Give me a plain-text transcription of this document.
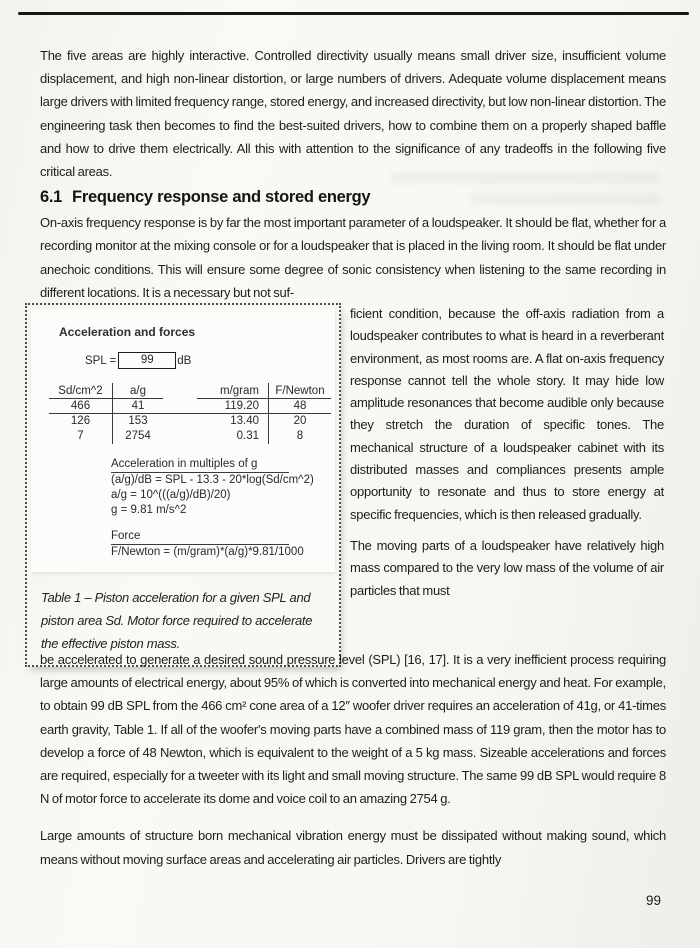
The five areas are highly interactive. Controlled directivity usually means small driver size, insufficient volume displacement, and high non-linear distortion, or large numbers of drivers. Adequate volume displacement means large drivers with limited frequency range, stored energy, and increased directivity, but low non-linear distortion. The engineering task then becomes to find the best-suited drivers, how to combine them on a properly shaped baffle and how to drive them electrically. All this with attention to the significance of any tradeoffs in the following five critical areas.

6.1 Frequency response and stored energy

On-axis frequency response is by far the most important parameter of a loudspeaker. It should be flat, whether for a recording monitor at the mixing console or for a loudspeaker that is placed in the living room. It should be flat under anechoic conditions. This will ensure some degree of sonic consistency when listening to the same recording in different locations. It is a necessary but not suf-

Acceleration and forces
SPL =	99	dB
Sd/cm^2	a/g	m/gram	F/Newton
466	41	119.20	48
126	153	13.40	20
7	2754	0.31	8
Acceleration in multiples of g
(a/g)/dB = SPL - 13.3 - 20*log(Sd/cm^2)
a/g = 10^(((a/g)/dB)/20)
g = 9.81 m/s^2
Force
F/Newton = (m/gram)*(a/g)*9.81/1000
Table 1 – Piston acceleration for a given SPL and piston area Sd. Motor force required to accelerate the effective piston mass.

ficient condition, because the off-axis radiation from a loudspeaker contributes to what is heard in a reverberant environment, as most rooms are. A flat on-axis frequency response cannot tell the whole story. It may hide low amplitude resonances that become audible only because they stretch the duration of specific tones. The mechanical structure of a loudspeaker cabinet with its distributed masses and compliances presents ample opportunity to resonate and thus to store energy at specific frequencies, which is then released gradually.

The moving parts of a loudspeaker have relatively high mass compared to the very low mass of the volume of air particles that must

be accelerated to generate a desired sound pressure level (SPL) [16, 17]. It is a very inefficient process requiring large amounts of electrical energy, about 95% of which is converted into mechanical energy and heat. For example, to obtain 99 dB SPL from the 466 cm² cone area of a 12″ woofer driver requires an acceleration of 41g, or 41-times earth gravity, Table 1. If all of the woofer's moving parts have a combined mass of 119 gram, then the motor has to develop a force of 48 Newton, which is equivalent to the weight of a 5 kg mass. Sizeable accelerations and forces are required, especially for a tweeter with its light and small moving structure. The same 99 dB SPL would require 8 N of motor force to accelerate its dome and voice coil to an amazing 2754 g.

Large amounts of structure born mechanical vibration energy must be dissipated without making sound, which means without moving surface areas and accelerating air particles. Drivers are tightly

99
